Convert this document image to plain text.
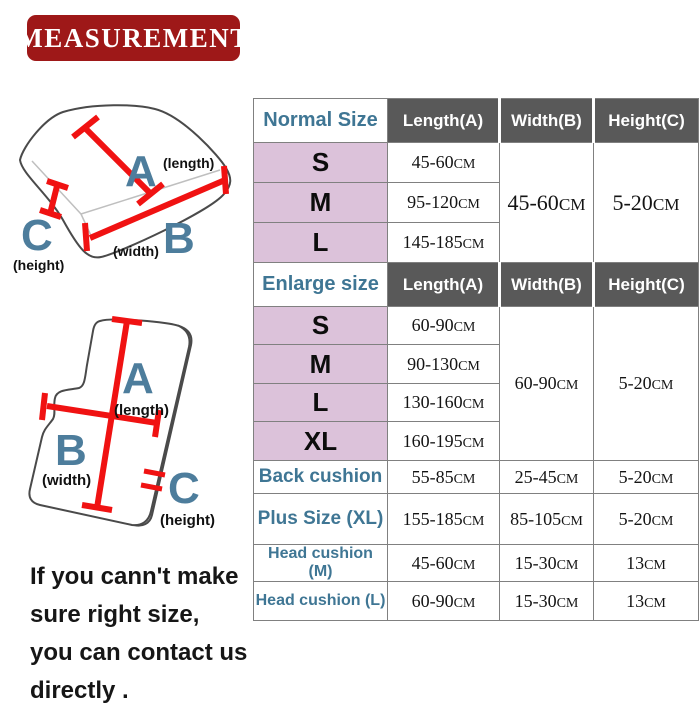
MEASUREMENT
A (length)
B
(width)
C
(height)
A
(length)
B
(width) C
(height)
If you cann't make
sure right size,
you can contact us
directly .
Normal Size	Length(A)	Width(B)	Height(C)
S	45-60CM	45-60CM	5-20CM
M	95-120CM		
L	145-185CM		
Enlarge size	Length(A)	Width(B)	Height(C)
S	60-90CM	60-90CM	5-20CM
M	90-130CM		
L	130-160CM		
XL	160-195CM		
Back cushion	55-85CM	25-45CM	5-20CM
Plus Size (XL)	155-185CM	85-105CM	5-20CM
Head cushion (M)	45-60CM	15-30CM	13CM
Head cushion (L)	60-90CM	15-30CM	13CM
